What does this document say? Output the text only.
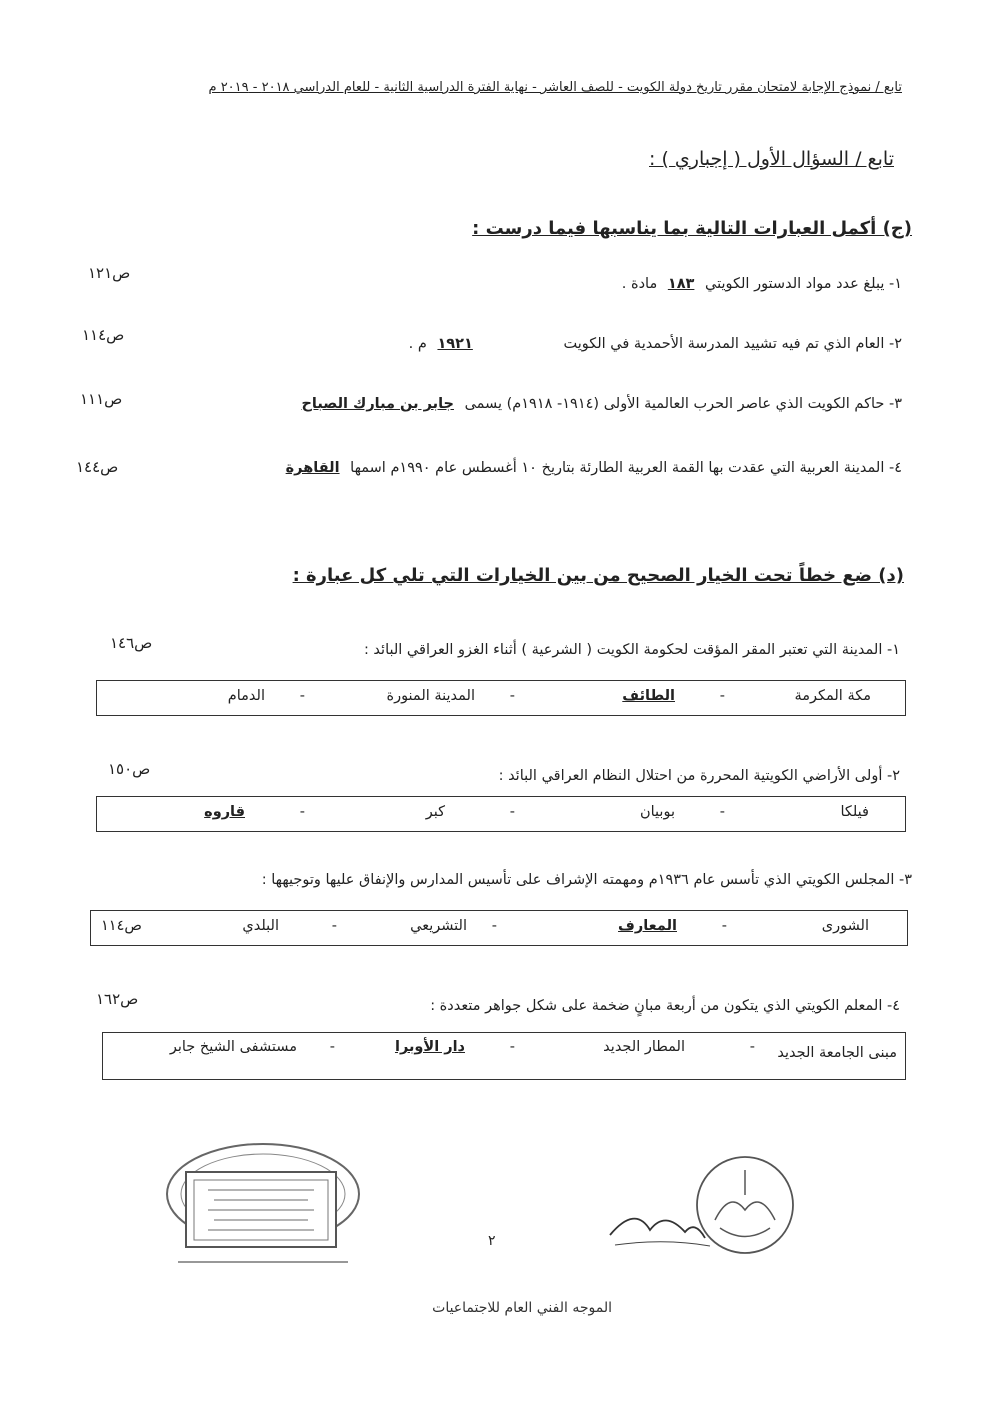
تابع / نموذج الإجابة لامتحان مقرر تاريخ دولة الكويت - للصف العاشر - نهاية الفترة الدراسية الثانية - للعام الدراسي ٢٠١٨ - ٢٠١٩ م
تابع / السؤال الأول ( إجباري ) :
(ج) أكمل العبارات التالية بما يناسبها فيما درست :
١- يبلغ عدد مواد الدستور الكويتي ١٨٣ مادة .
ص١٢١
٢- العام الذي تم فيه تشييد المدرسة الأحمدية في الكويت ١٩٢١ م .
ص١١٤
٣- حاكم الكويت الذي عاصر الحرب العالمية الأولى (١٩١٤- ١٩١٨م) يسمى جابر بن مبارك الصباح
ص١١١
٤- المدينة العربية التي عقدت بها القمة العربية الطارئة بتاريخ ١٠ أغسطس عام ١٩٩٠م اسمها القاهرة
ص١٤٤
(د) ضع خطاً تحت الخيار الصحيح من بين الخيارات التي تلي كل عبارة :
١- المدينة التي تعتبر المقر المؤقت لحكومة الكويت ( الشرعية ) أثناء الغزو العراقي البائد :
ص١٤٦
مكة المكرمة
-
الطائف
-
المدينة المنورة
-
الدمام
٢- أولى الأراضي الكويتية المحررة من احتلال النظام العراقي البائد :
ص١٥٠
فيلكا
-
بوبيان
-
كبر
-
قاروه
٣- المجلس الكويتي الذي تأسس عام ١٩٣٦م ومهمته الإشراف على تأسيس المدارس والإنفاق عليها وتوجيهها :
الشورى
-
المعارف
-
التشريعي
-
البلدي
ص١١٤
٤- المعلم الكويتي الذي يتكون من أربعة مبانٍ ضخمة على شكل جواهر متعددة :
ص١٦٢
مبنى الجامعة الجديد
-
المطار الجديد
-
دار الأوبرا
-
مستشفى الشيخ جابر
٢
الموجه الفني العام للاجتماعيات
